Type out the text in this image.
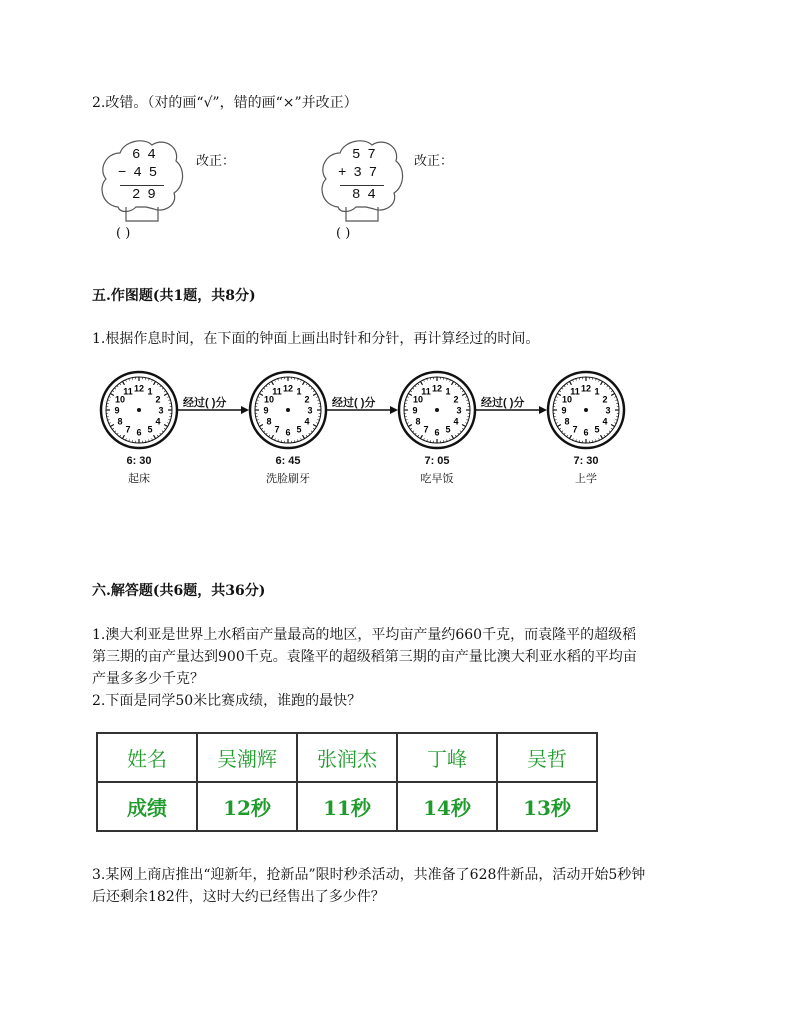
2.改错。（对的画“√”，错的画“×”并改正）
64
−45
29
( )
改正：	57
+37
84
( )
改正：
五.作图题(共1题，共8分)
1.根据作息时间，在下面的钟面上画出时针和分针，再计算经过的时间。
12 1
2
3
4
5
6
7
8
9
10
11	12 1
2
3
4
5
6
7
8
9
10
11	12 1
2
3
4
5
6
7
8
9
10
11	12 1
2
3
4
5
6
7
8
9
10
11
6: 30
起床
6: 45
洗脸刷牙
7: 05
吃早饭
7: 30
上学
经过( )分	经过( )分	经过( )分
六.解答题(共6题，共36分)
1.澳大利亚是世界上水稻亩产量最高的地区，平均亩产量约660千克，而袁隆平的超级稻
第三期的亩产量达到900千克。袁隆平的超级稻第三期的亩产量比澳大利亚水稻的平均亩
产量多多少千克？
2.下面是同学50米比赛成绩，谁跑的最快？
姓名	吴潮辉	张润杰	丁峰	吴哲
成绩	12秒	11秒	14秒	13秒
3.某网上商店推出“迎新年，抢新品”限时秒杀活动，共准备了628件新品，活动开始5秒钟
后还剩余182件，这时大约已经售出了多少件？
